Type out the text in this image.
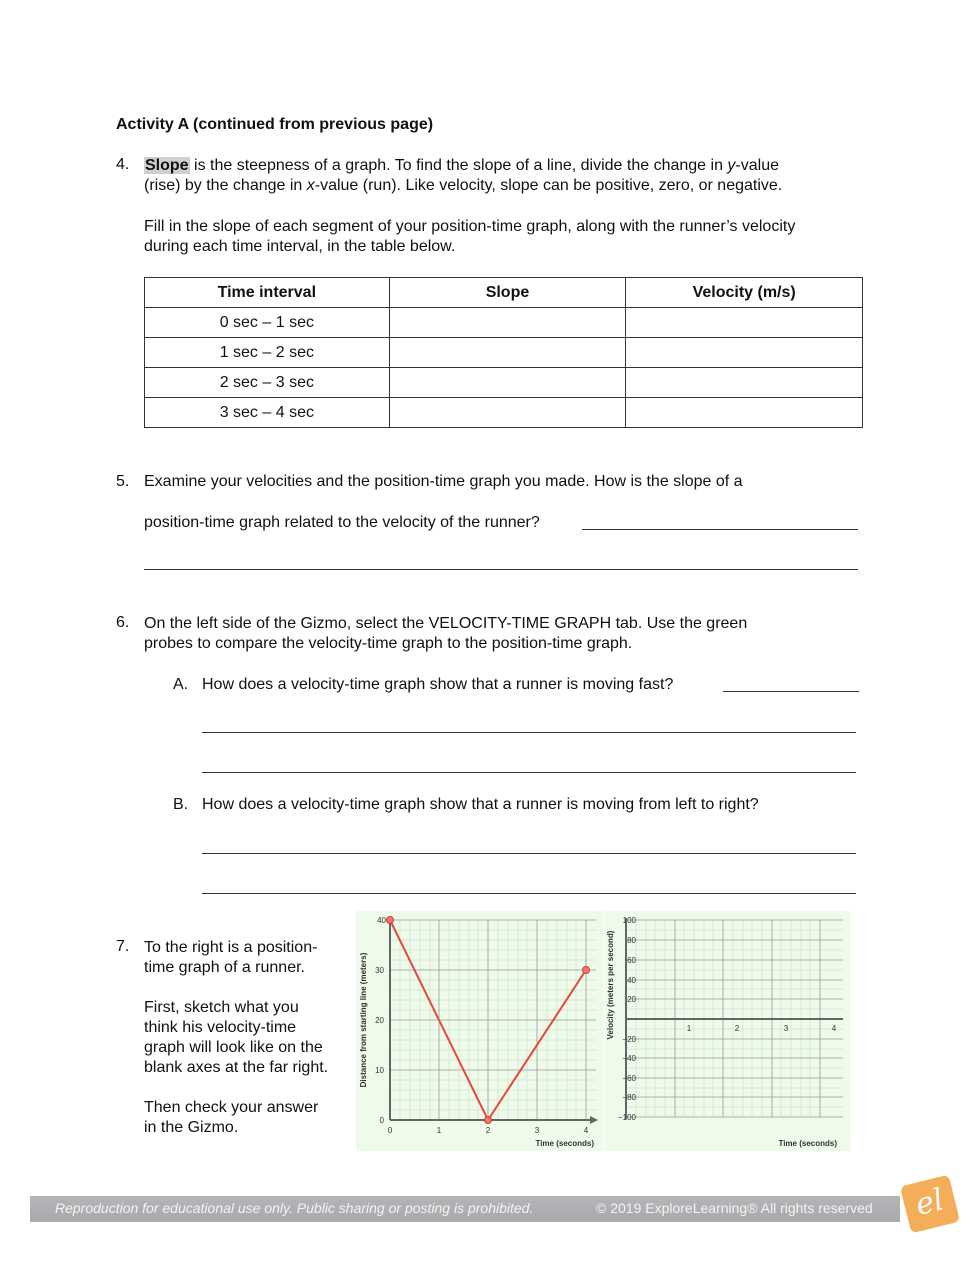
Activity A (continued from previous page)
4. Slope is the steepness of a graph. To find the slope of a line, divide the change in y-value
(rise) by the change in x-value (run). Like velocity, slope can be positive, zero, or negative.
Fill in the slope of each segment of your position-time graph, along with the runner’s velocity
during each time interval, in the table below.
Time interval	Slope	Velocity (m/s)
0 sec – 1 sec		
1 sec – 2 sec		
2 sec – 3 sec		
3 sec – 4 sec		
5. Examine your velocities and the position-time graph you made. How is the slope of a
position-time graph related to the velocity of the runner?
6. On the left side of the Gizmo, select the VELOCITY-TIME GRAPH tab. Use the green
probes to compare the velocity-time graph to the position-time graph.
A. How does a velocity-time graph show that a runner is moving fast?
B. How does a velocity-time graph show that a runner is moving from left to right?
7. To the right is a position-
time graph of a runner.
First, sketch what you
think his velocity-time
graph will look like on the
blank axes at the far right.
Then check your answer
in the Gizmo.
40
30
20
10
0
0	1	2	3	4
Time (seconds)
Distance from starting line (meters)
100
80
60
40
20
−20
−40
−60
−80
−100
1	2	3	4
Time (seconds)
Velocity (meters per second)
Reproduction for educational use only. Public sharing or posting is prohibited.	© 2019 ExploreLearning® All rights reserved	el
